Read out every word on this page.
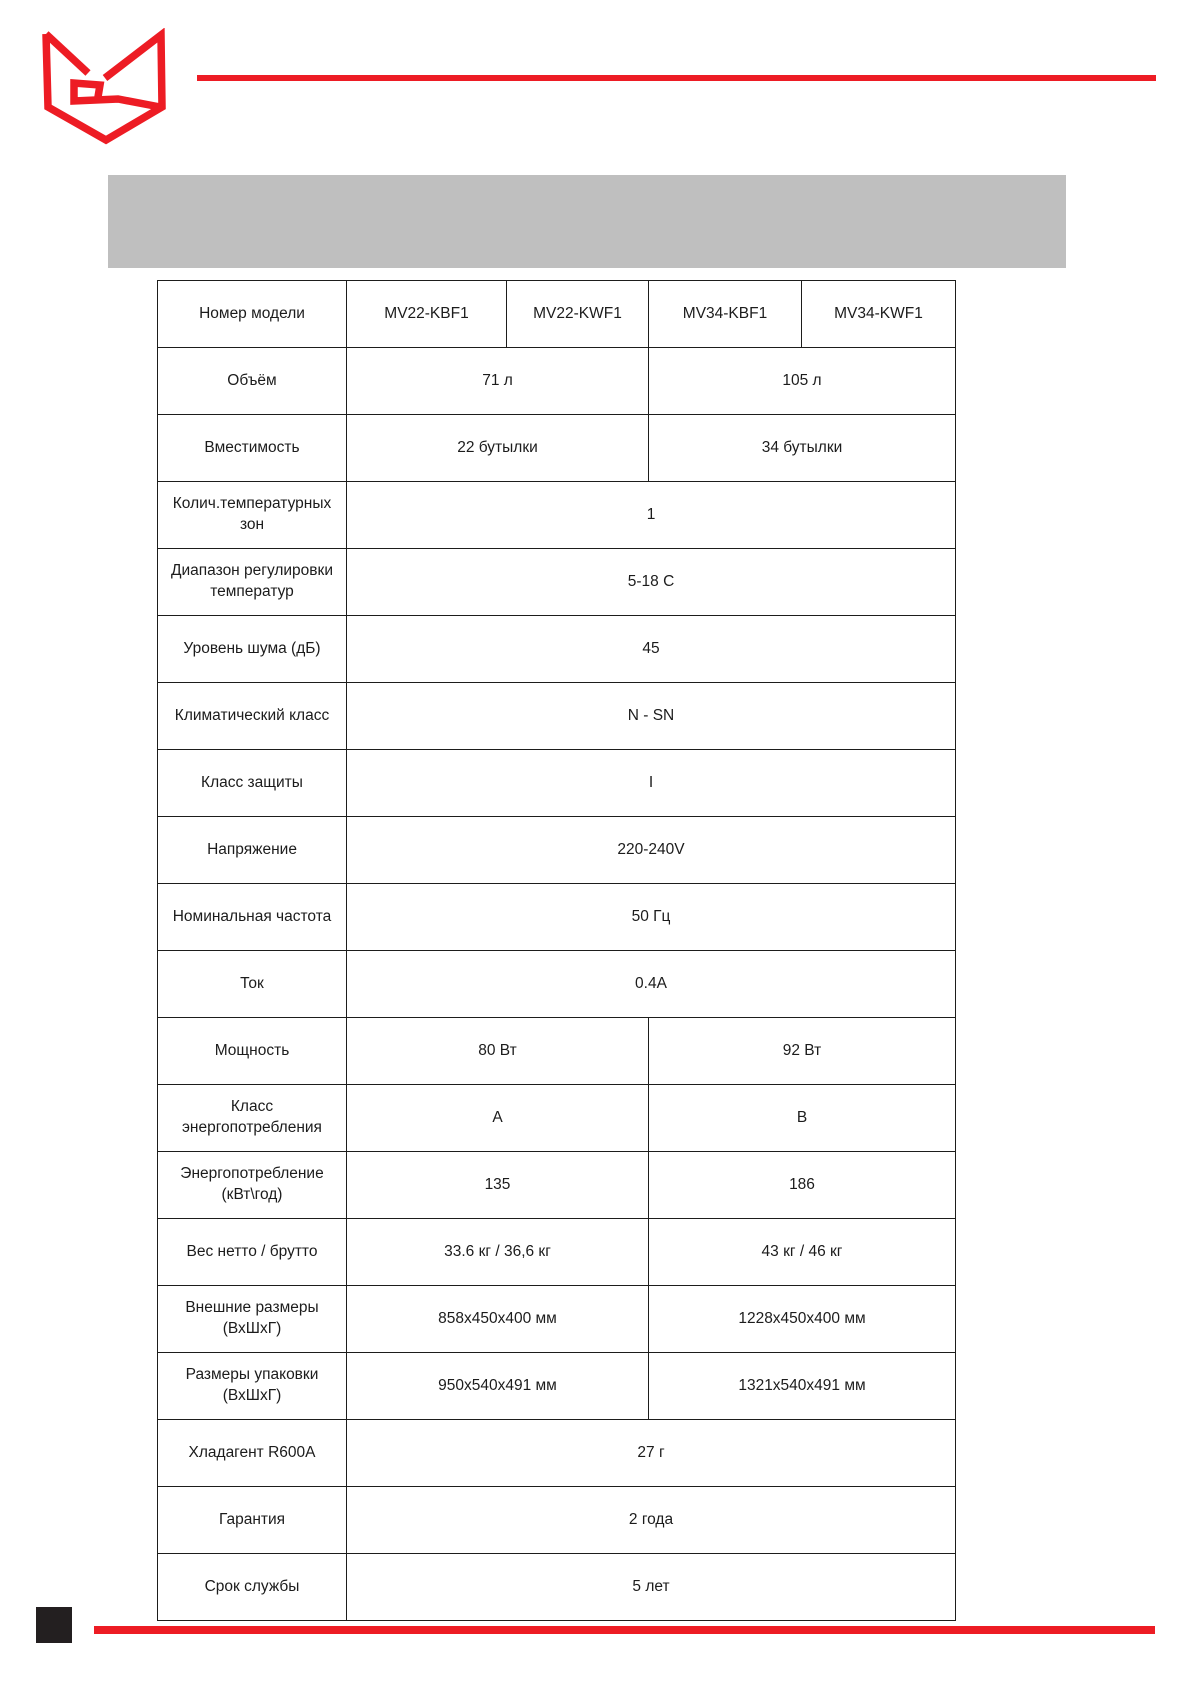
Номер модели	MV22-KBF1	MV22-KWF1	MV34-KBF1	MV34-KWF1
Объём	71 л		105 л	
Вместимость	22 бутылки		34 бутылки	
Колич.температурных зон	1			
Диапазон регулировки температур	5-18 C			
Уровень шума (дБ)	45			
Климатический класс	N - SN			
Класс защиты	I			
Напряжение	220-240V			
Номинальная частота	50 Гц			
Ток	0.4A			
Мощность	80 Вт		92 Вт	
Класс энергопотребления	A		B	
Энергопотребление (кВт\год)	135		186	
Вес нетто / брутто	33.6 кг / 36,6 кг		43 кг / 46 кг	
Внешние размеры (ВхШхГ)	858х450х400 мм		1228х450х400 мм	
Размеры упаковки (ВхШхГ)	950х540х491 мм		1321х540х491 мм	
Хладагент R600A	27 г			
Гарантия	2 года			
Срок службы	5 лет			
